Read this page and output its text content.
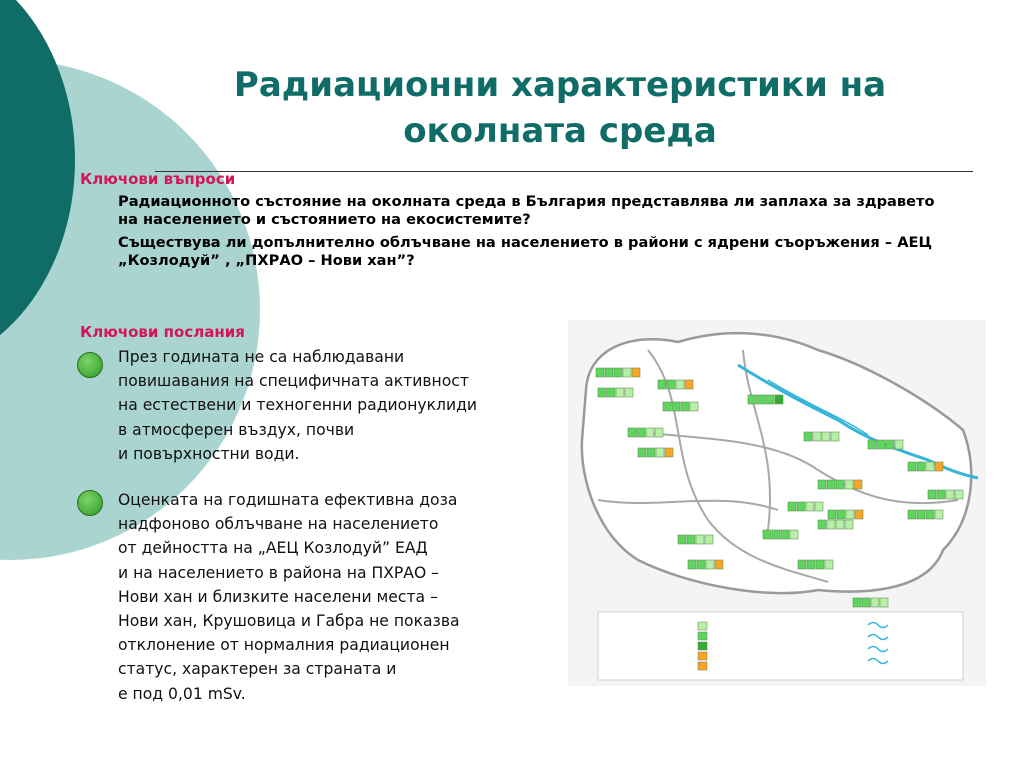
Радиационни характеристики на околната среда
Ключови въпроси

Радиационното състояние на околната среда в България представлява ли заплаха за здравето на населението и състоянието на екосистемите?

Съществува ли допълнително облъчване на населението в райони с ядрени съоръжения – АЕЦ „Козлодуй” , „ПХРАО – Нови хан”?

Ключови послания
През годината не са наблюдавани
повишавания на специфичната активност
на естествени и техногенни радионуклиди
в атмосферен въздух, почви
и повърхностни води.
Оценката на годишната ефективна доза
надфоново облъчване на населението
от дейността на „АЕЦ Козлодуй” ЕАД
и на населението в района на ПХРАО –
Нови хан и близките населени места –
Нови хан, Крушовица и Габра не показва
отклонение от нормалния радиационен
статус, характерен за страната и
е под 0,01 mSv.
